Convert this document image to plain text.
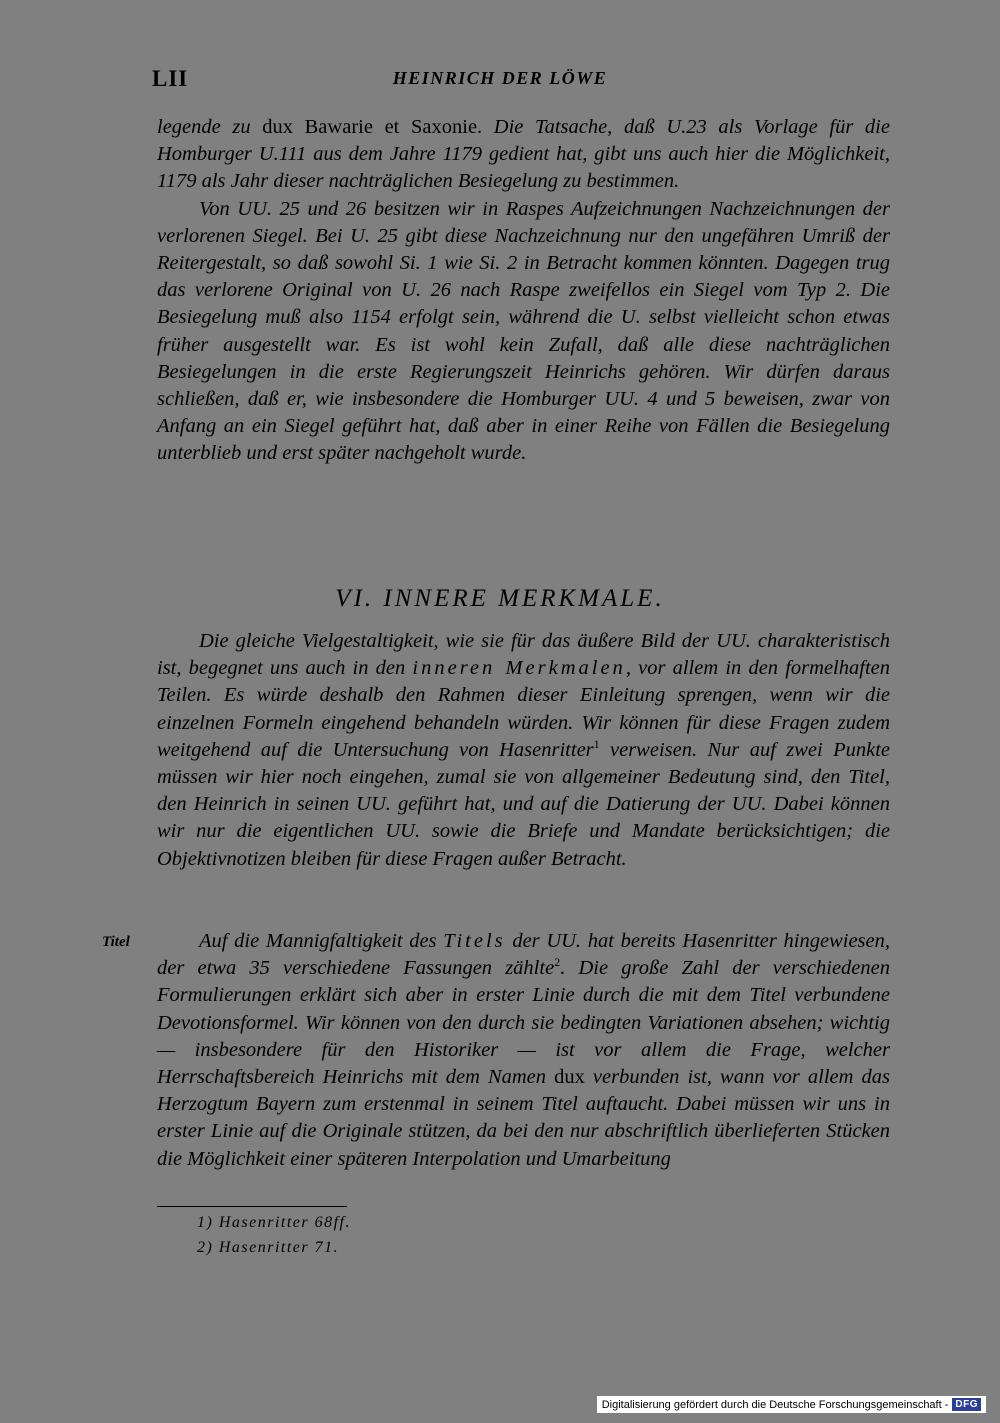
LII	HEINRICH DER LÖWE

legende zu dux Bawarie et Saxonie. Die Tatsache, daß U.23 als Vorlage für die Homburger U.111 aus dem Jahre 1179 gedient hat, gibt uns auch hier die Möglichkeit, 1179 als Jahr dieser nachträglichen Besiegelung zu bestimmen.

Von UU. 25 und 26 besitzen wir in Raspes Aufzeichnungen Nachzeichnungen der verlorenen Siegel. Bei U. 25 gibt diese Nachzeichnung nur den ungefähren Umriß der Reitergestalt, so daß sowohl Si. 1 wie Si. 2 in Betracht kommen könnten. Dagegen trug das verlorene Original von U. 26 nach Raspe zweifellos ein Siegel vom Typ 2. Die Besiegelung muß also 1154 erfolgt sein, während die U. selbst vielleicht schon etwas früher ausgestellt war. Es ist wohl kein Zufall, daß alle diese nachträglichen Besiegelungen in die erste Regierungszeit Heinrichs gehören. Wir dürfen daraus schließen, daß er, wie insbesondere die Homburger UU. 4 und 5 beweisen, zwar von Anfang an ein Siegel geführt hat, daß aber in einer Reihe von Fällen die Besiegelung unterblieb und erst später nachgeholt wurde.

VI. INNERE MERKMALE.

Die gleiche Vielgestaltigkeit, wie sie für das äußere Bild der UU. charakteristisch ist, begegnet uns auch in den inneren Merkmalen, vor allem in den formelhaften Teilen. Es würde deshalb den Rahmen dieser Einleitung sprengen, wenn wir die einzelnen Formeln eingehend behandeln würden. Wir können für diese Fragen zudem weitgehend auf die Untersuchung von Hasenritter$^1$ verweisen. Nur auf zwei Punkte müssen wir hier noch eingehen, zumal sie von allgemeiner Bedeutung sind, den Titel, den Heinrich in seinen UU. geführt hat, und auf die Datierung der UU. Dabei können wir nur die eigentlichen UU. sowie die Briefe und Mandate berücksichtigen; die Objektivnotizen bleiben für diese Fragen außer Betracht.

Titel	Auf die Mannigfaltigkeit des Titels der UU. hat bereits Hasenritter hingewiesen, der etwa 35 verschiedene Fassungen zählte$^2$. Die große Zahl der verschiedenen Formulierungen erklärt sich aber in erster Linie durch die mit dem Titel verbundene Devotionsformel. Wir können von den durch sie bedingten Variationen absehen; wichtig — insbesondere für den Historiker — ist vor allem die Frage, welcher Herrschaftsbereich Heinrichs mit dem Namen dux verbunden ist, wann vor allem das Herzogtum Bayern zum erstenmal in seinem Titel auftaucht. Dabei müssen wir uns in erster Linie auf die Originale stützen, da bei den nur abschriftlich überlieferten Stücken die Möglichkeit einer späteren Interpolation und Umarbeitung

1) Hasenritter 68ff.
2) Hasenritter 71.
Digitalisierung gefördert durch die Deutsche Forschungsgemeinschaft - DFG
